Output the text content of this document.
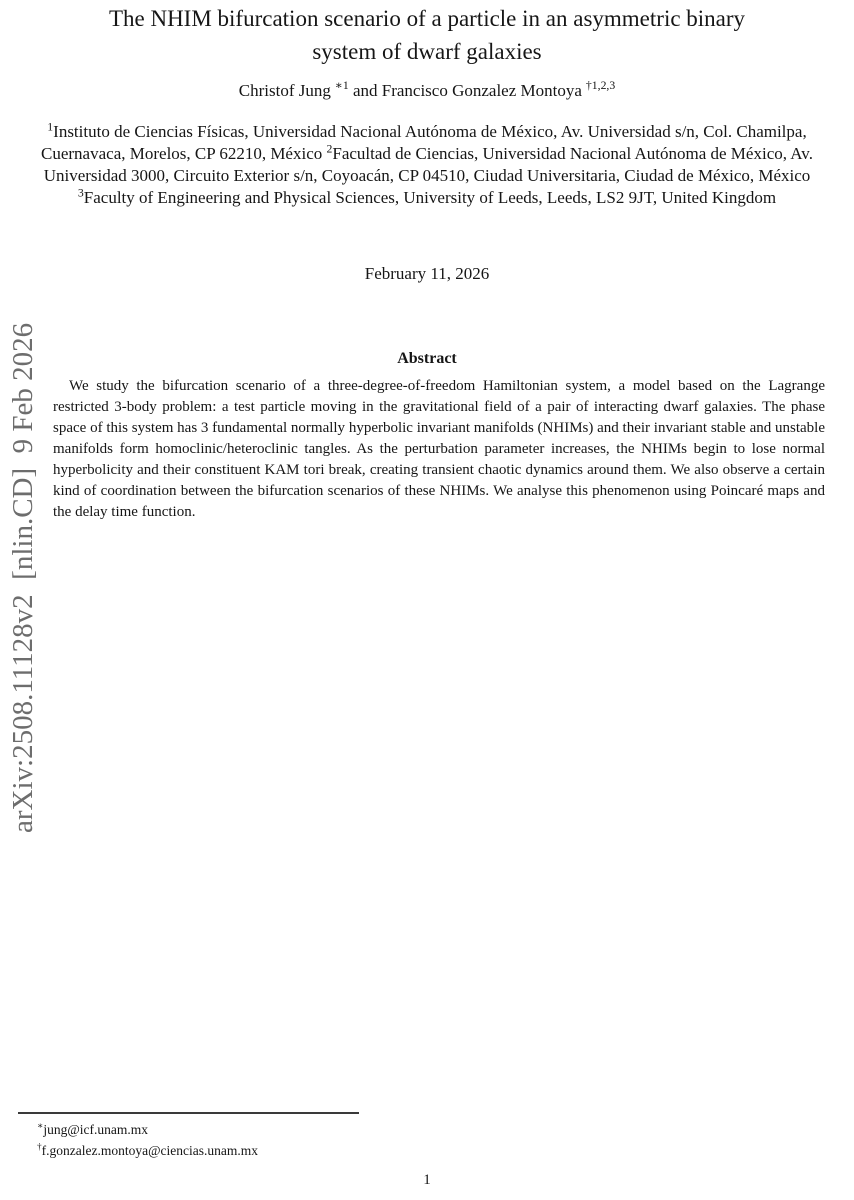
arXiv:2508.11128v2  [nlin.CD]  9 Feb 2026
The NHIM bifurcation scenario of a particle in an asymmetric binary
system of dwarf galaxies
Christof Jung $^{∗1}$ and Francisco Gonzalez Montoya $^{\dagger 1,2,3}$
$^1$Instituto de Ciencias Físicas, Universidad Nacional Autónoma de México, Av. Universidad s/n, Col. Chamilpa, Cuernavaca, Morelos, CP 62210, México $^2$Facultad de Ciencias, Universidad Nacional Autónoma de México, Av. Universidad 3000, Circuito Exterior s/n, Coyoacán, CP 04510, Ciudad Universitaria, Ciudad de México, México $^3$Faculty of Engineering and Physical Sciences, University of Leeds, Leeds, LS2 9JT, United Kingdom
February 11, 2026
Abstract
We study the bifurcation scenario of a three-degree-of-freedom Hamiltonian system, a model based on the Lagrange restricted 3-body problem: a test particle moving in the gravitational field of a pair of interacting dwarf galaxies. The phase space of this system has 3 fundamental normally hyperbolic invariant manifolds (NHIMs) and their invariant stable and unstable manifolds form homoclinic/heteroclinic tangles. As the perturbation parameter increases, the NHIMs begin to lose normal hyperbolicity and their constituent KAM tori break, creating transient chaotic dynamics around them. We also observe a certain kind of coordination between the bifurcation scenarios of these NHIMs. We analyse this phenomenon using Poincaré maps and the delay time function.
∗jung@icf.unam.mx
†f.gonzalez.montoya@ciencias.unam.mx
1
